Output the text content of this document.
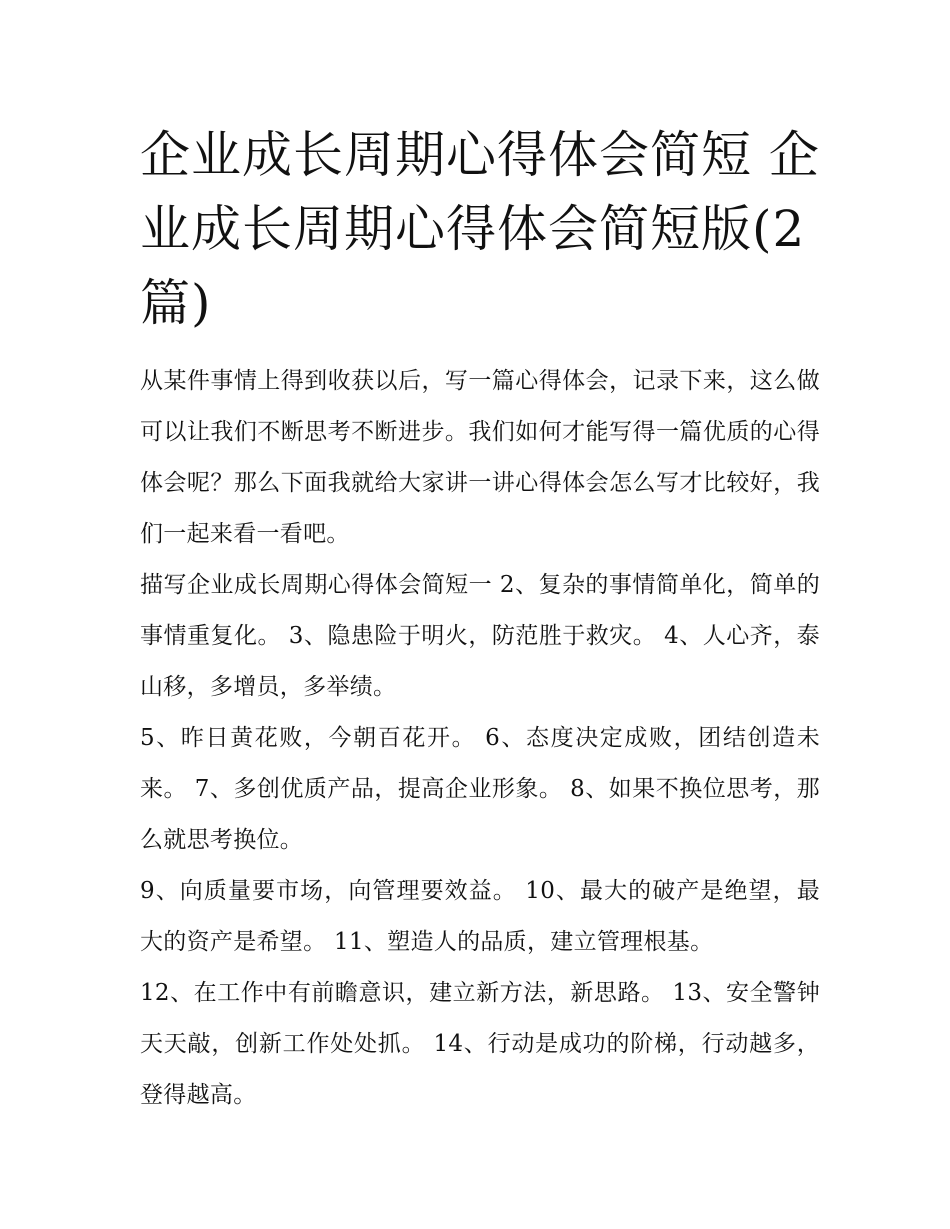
企业成长周期心得体会简短 企业成长周期心得体会简短版(2篇)

从某件事情上得到收获以后，写一篇心得体会，记录下来，这么做可以让我们不断思考不断进步。我们如何才能写得一篇优质的心得体会呢？那么下面我就给大家讲一讲心得体会怎么写才比较好，我们一起来看一看吧。

描写企业成长周期心得体会简短一 2、复杂的事情简单化，简单的事情重复化。 3、隐患险于明火，防范胜于救灾。 4、人心齐，泰山移，多增员，多举绩。

5、昨日黄花败，今朝百花开。 6、态度决定成败，团结创造未来。 7、多创优质产品，提高企业形象。 8、如果不换位思考，那么就思考换位。

9、向质量要市场，向管理要效益。 10、最大的破产是绝望，最大的资产是希望。 11、塑造人的品质，建立管理根基。

12、在工作中有前瞻意识，建立新方法，新思路。 13、安全警钟天天敲，创新工作处处抓。 14、行动是成功的阶梯，行动越多，登得越高。
